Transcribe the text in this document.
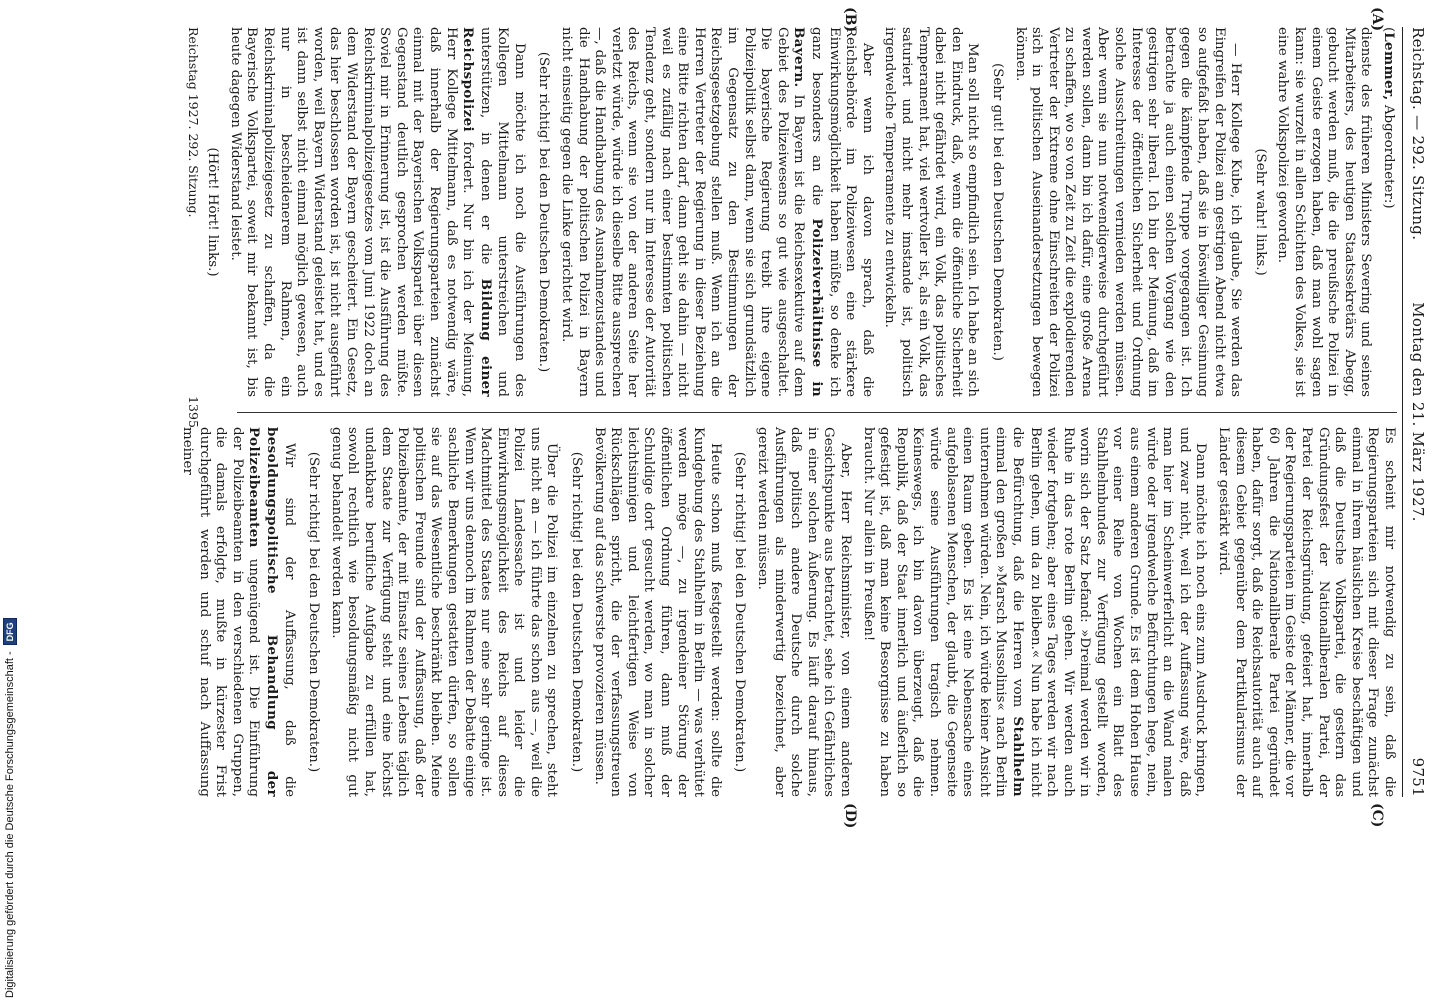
Reichstag. — 292. Sitzung.
Montag den 21. März 1927.
9751

(Lemmer, Abgeordneter:)

dienste des früheren Ministers Severing und seines Mitarbeiters, des heutigen Staatssekretärs Abegg, gebucht werden muß, die die preußische Polizei in einem Geiste erzogen haben, daß man wohl sagen kann: sie wurzelt in allen Schichten des Volkes, sie ist eine wahre Volkspolizei geworden.

(Sehr wahr! links.)

— Herr Kollege Kube, ich glaube, Sie werden das Eingreifen der Polizei am gestrigen Abend nicht etwa so aufgefaßt haben, daß sie in böswilliger Gesinnung gegen die kämpfende Truppe vorgegangen ist. Ich betrachte ja auch einen solchen Vorgang wie den gestrigen sehr liberal. Ich bin der Meinung, daß im Interesse der öffentlichen Sicherheit und Ordnung solche Ausschreitungen vermieden werden müssen. Aber wenn sie nun notwendigerweise durchgeführt werden sollen, dann bin ich dafür, eine große Arena zu schaffen, wo so von Zeit zu Zeit die explodierenden Vertreter der Extreme ohne Einschreiten der Polizei sich in politischen Auseinandersetzungen bewegen können.

(Sehr gut! bei den Deutschen Demokraten.)

Man soll nicht so empfindlich sein. Ich habe an sich den Eindruck, daß, wenn die öffentliche Sicherheit dabei nicht gefährdet wird, ein Volk, das politisches Temperament hat, viel wertvoller ist, als ein Volk, das saturiert und nicht mehr imstande ist, politisch irgendwelche Temperamente zu entwickeln.

Aber wenn ich davon sprach, daß die Reichsbehörde im Polizeiwesen eine stärkere Einwirkungsmöglichkeit haben müßte, so denke ich ganz besonders an die Polizeiverhältnisse in Bayern. In Bayern ist die Reichsexekutive auf dem Gebiet des Polizeiwesens so gut wie ausgeschaltet. Die bayerische Regierung treibt ihre eigene Polizeipolitik selbst dann, wenn sie sich grundsätzlich im Gegensatz zu den Bestimmungen der Reichsgesetzgebung stellen muß. Wenn ich an die Herren Vertreter der Regierung in dieser Beziehung eine Bitte richten darf, dann geht sie dahin — nicht weil es zufällig nach einer bestimmten politischen Tendenz geht, sondern nur im Interesse der Autorität des Reichs, wenn sie von der anderen Seite her verletzt würde, würde ich dieselbe Bitte aussprechen —, daß die Handhabung des Ausnahmezustandes und die Handhabung der politischen Polizei in Bayern nicht einseitig gegen die Linke gerichtet wird.

(Sehr richtig! bei den Deutschen Demokraten.)

Dann möchte ich noch die Ausführungen des Kollegen Mittelmann unterstreichen und unterstützen, in denen er die Bildung einer Reichspolizei fordert. Nur bin ich der Meinung, Herr Kollege Mittelmann, daß es notwendig wäre, daß innerhalb der Regierungsparteien zunächst einmal mit der Bayerischen Volkspartei über diesen Gegenstand deutlich gesprochen werden müßte. Soviel mir in Erinnerung ist, ist die Ausführung des Reichskriminalpolizeigesetzes vom Juni 1922 doch an dem Widerstand der Bayern gescheitert. Ein Gesetz, das hier beschlossen worden ist, ist nicht ausgeführt worden, weil Bayern Widerstand geleistet hat, und es ist dann selbst nicht einmal möglich gewesen, auch nur in bescheidenerem Rahmen, ein Reichskriminalpolizeigesetz zu schaffen, da die Bayerische Volkspartei, soweit mir bekannt ist, bis heute dagegen Widerstand leistet.

(Hört! Hört! links.)

Es scheint mir notwendig zu sein, daß die Regierungsparteien sich mit dieser Frage zunächst einmal in ihrem häuslichen Kreise beschäftigen und daß die Deutsche Volkspartei, die gestern das Gründungsfest der Nationalliberalen Partei, der Partei der Reichsgründung, gefeiert hat, innerhalb der Regierungsparteien im Geiste der Männer, die vor 60 Jahren die Nationalliberale Partei gegründet haben, dafür sorgt, daß die Reichsautorität auch auf diesem Gebiet gegenüber dem Partikularismus der Länder gestärkt wird.

Dann möchte ich noch eins zum Ausdruck bringen, und zwar nicht, weil ich der Auffassung wäre, daß man hier im Scheinwerferlicht an die Wand malen würde oder irgendwelche Befürchtungen hege, nein, aus einem anderen Grunde. Es ist dem Hohen Hause vor einer Reihe von Wochen ein Blatt des Stahlhelmbundes zur Verfügung gestellt worden, worin sich der Satz befand: »Dreimal werden wir in Ruhe in das rote Berlin gehen. Wir werden auch wieder fortgehen; aber eines Tages werden wir nach Berlin gehen, um da zu bleiben.« Nun habe ich nicht die Befürchtung, daß die Herren vom Stahlhelm einmal den großen »Marsch Mussolinis« nach Berlin unternehmen würden. Nein, ich würde keiner Ansicht einen Raum geben. Es ist eine Nebensache eines aufgeblasenen Menschen, der glaubt, die Gegenseite würde seine Ausführungen tragisch nehmen. Keineswegs, ich bin davon überzeugt, daß die Republik, daß der Staat innerlich und äußerlich so gefestigt ist, daß man keine Besorgnisse zu haben braucht. Nur allein in Preußen!

Aber, Herr Reichsminister, von einem anderen Gesichtspunkte aus betrachtet, sehe ich Gefährliches in einer solchen Äußerung. Es läuft darauf hinaus, daß politisch andere Deutsche durch solche Ausführungen als minderwertig bezeichnet, aber gereizt werden müssen.

(Sehr richtig! bei den Deutschen Demokraten.)

Heute schon muß festgestellt werden: sollte die Kundgebung des Stahlhelm in Berlin — was verhütet werden möge —, zu irgendeiner Störung der öffentlichen Ordnung führen, dann muß der Schuldige dort gesucht werden, wo man in solcher leichtsinnigen und leichtfertigen Weise von Rückschlägen spricht, die der verfassungstreuen Bevölkerung auf das schwerste provozieren müssen.

(Sehr richtig! bei den Deutschen Demokraten.)

Über die Polizei im einzelnen zu sprechen, steht uns nicht an — ich führte das schon aus —, weil die Polizei Landessache ist und leider die Einwirkungsmöglichkeit des Reichs auf dieses Machtmittel des Staates nur eine sehr geringe ist. Wenn wir uns dennoch im Rahmen der Debatte einige sachliche Bemerkungen gestatten dürfen, so sollen sie auf das Wesentliche beschränkt bleiben. Meine politischen Freunde sind der Auffassung, daß der Polizeibeamte, der mit Einsatz seines Lebens täglich dem Staate zur Verfügung steht und eine höchst undankbare berufliche Aufgabe zu erfüllen hat, sowohl rechtlich wie besoldungsmäßig nicht gut genug behandelt werden kann.

(Sehr richtig! bei den Deutschen Demokraten.)

Wir sind der Auffassung, daß die besoldungspolitische Behandlung der Polizeibeamten ungenügend ist. Die Einführung der Polizeibeamten in den verschiedenen Gruppen, die damals erfolgte, mußte in kürzester Frist durchgeführt werden und schuf nach Auffassung meiner

(A)
(B)
(C)
(D)
Reichstag 1927. 292. Sitzung.
1395
Digitalisierung gefördert durch die Deutsche Forschungsgemeinschaft -
DFG
